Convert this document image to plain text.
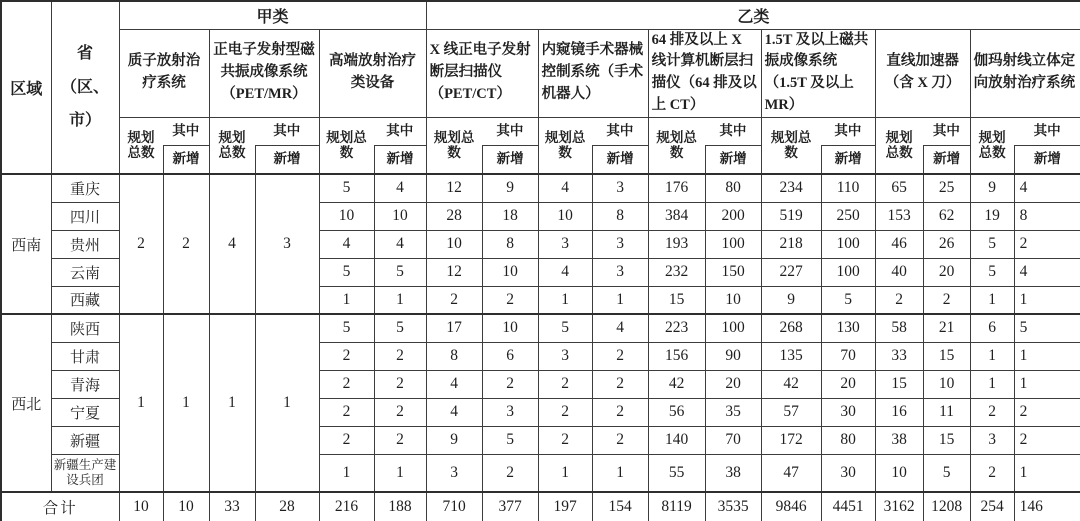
区域	省（区、市）	甲类						乙类											
		质子放射治疗系统		正电子发射型磁共振成像系统（PET/MR）		高端放射治疗类设备		X 线正电子发射断层扫描仪（PET/CT）		内窥镜手术器械控制系统（手术机器人）		64 排及以上 X 线计算机断层扫描仪（64 排及以上 CT）		1.5T 及以上磁共振成像系统（1.5T 及以上 MR）		直线加速器（含 X 刀）		伽玛射线立体定向放射治疗系统	
		规划总数	其中	规划总数	其中	规划总数	其中	规划总数	其中	规划总数	其中	规划总数	其中	规划总数	其中	规划总数	其中	规划总数	其中
			新增		新增		新增		新增		新增		新增		新增		新增		新增
西南	重庆	2	2	4	3	5	4	12	9	4	3	176	80	234	110	65	25	9	4
	四川					10	10	28	18	10	8	384	200	519	250	153	62	19	8
	贵州					4	4	10	8	3	3	193	100	218	100	46	26	5	2
	云南					5	5	12	10	4	3	232	150	227	100	40	20	5	4
	西藏					1	1	2	2	1	1	15	10	9	5	2	2	1	1
西北	陕西	1	1	1	1	5	5	17	10	5	4	223	100	268	130	58	21	6	5
	甘肃					2	2	8	6	3	2	156	90	135	70	33	15	1	1
	青海					2	2	4	2	2	2	42	20	42	20	15	10	1	1
	宁夏					2	2	4	3	2	2	56	35	57	30	16	11	2	2
	新疆					2	2	9	5	2	2	140	70	172	80	38	15	3	2
	新疆生产建设兵团					1	1	3	2	1	1	55	38	47	30	10	5	2	1
合计		10	10	33	28	216	188	710	377	197	154	8119	3535	9846	4451	3162	1208	254	146
